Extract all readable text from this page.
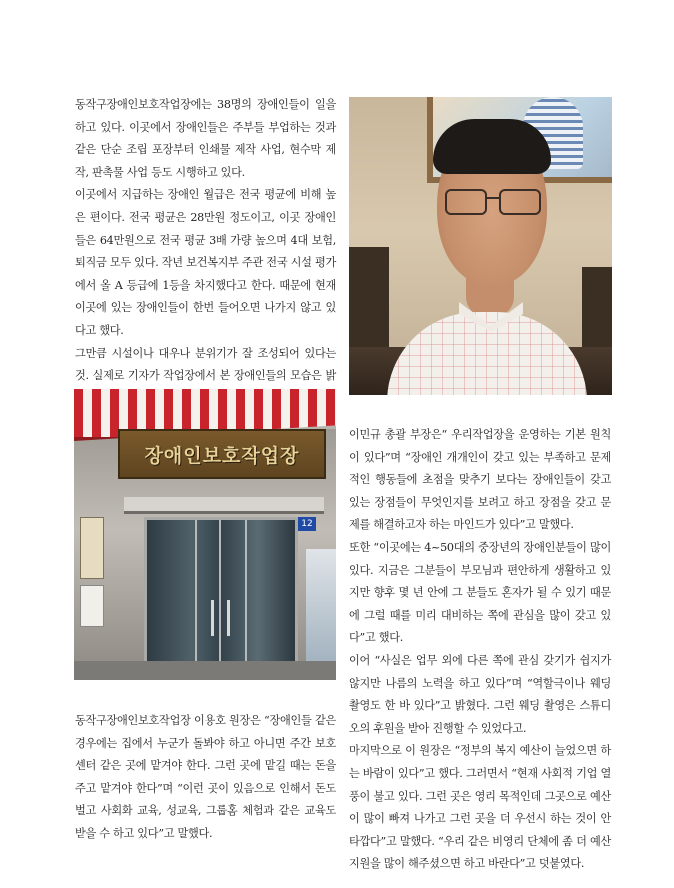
동작구장애인보호작업장에는 38명의 장애인들이 일을 하고 있다. 이곳에서 장애인들은 주부들 부업하는 것과 같은 단순 조립 포장부터 인쇄물 제작 사업, 현수막 제작, 판촉물 사업 등도 시행하고 있다.

이곳에서 지급하는 장애인 월급은 전국 평균에 비해 높은 편이다. 전국 평균은 28만원 정도이고, 이곳 장애인들은 64만원으로 전국 평균 3배 가량 높으며 4대 보험, 퇴직금 모두 있다. 작년 보건복지부 주관 전국 시설 평가에서 올 A 등급에 1등을 차지했다고 한다. 때문에 현재 이곳에 있는 장애인들이 한번 들어오면 나가지 않고 있다고 했다.

그만큼 시설이나 대우나 분위기가 잘 조성되어 있다는 것. 실제로 기자가 작업장에서 본 장애인들의 모습은 밝

장애인보호작업장
12

이민규 총괄 부장은“ 우리작업장을 운영하는 기본 원칙이 있다”며 “장애인 개개인이 갖고 있는 부족하고 문제적인 행동들에 초점을 맞추기 보다는 장애인들이 갖고 있는 장점들이 무엇인지를 보려고 하고 장점을 갖고 문제를 해결하고자 하는 마인드가 있다”고 말했다.

또한 “이곳에는 4~50대의 중장년의 장애인분들이 많이 있다. 지금은 그분들이 부모님과 편안하게 생활하고 있지만 향후 몇 년 안에 그 분들도 혼자가 될 수 있기 때문에 그럴 때를 미리 대비하는 쪽에 관심을 많이 갖고 있다”고 했다.

이어 “사실은 업무 외에 다른 쪽에 관심 갖기가 쉽지가 않지만 나름의 노력을 하고 있다”며 “역할극이나 웨딩 촬영도 한 바 있다”고 밝혔다. 그런 웨딩 촬영은 스튜디오의 후원을 받아 진행할 수 있었다고.

마지막으로 이 원장은 “정부의 복지 예산이 늘었으면 하는 바람이 있다”고 했다. 그러면서 “현재 사회적 기업 열풍이 불고 있다. 그런 곳은 영리 목적인데 그곳으로 예산이 많이 빠져 나가고 그런 곳을 더 우선시 하는 것이 안타깝다”고 말했다. “우리 같은 비영리 단체에 좀 더 예산 지원을 많이 해주셨으면 하고 바란다”고 덧붙였다.

동작구장애인보호작업장 이용호 원장은 “장애인들 같은경우에는 집에서 누군가 돌봐야 하고 아니면 주간 보호 센터 같은 곳에 맡겨야 한다. 그런 곳에 맡길 때는 돈을 주고 맡겨야 한다”며 “이런 곳이 있음으로 인해서 돈도 벌고 사회화 교육, 성교육, 그룹홈 체험과 같은 교육도 받을 수 하고 있다”고 말했다.
